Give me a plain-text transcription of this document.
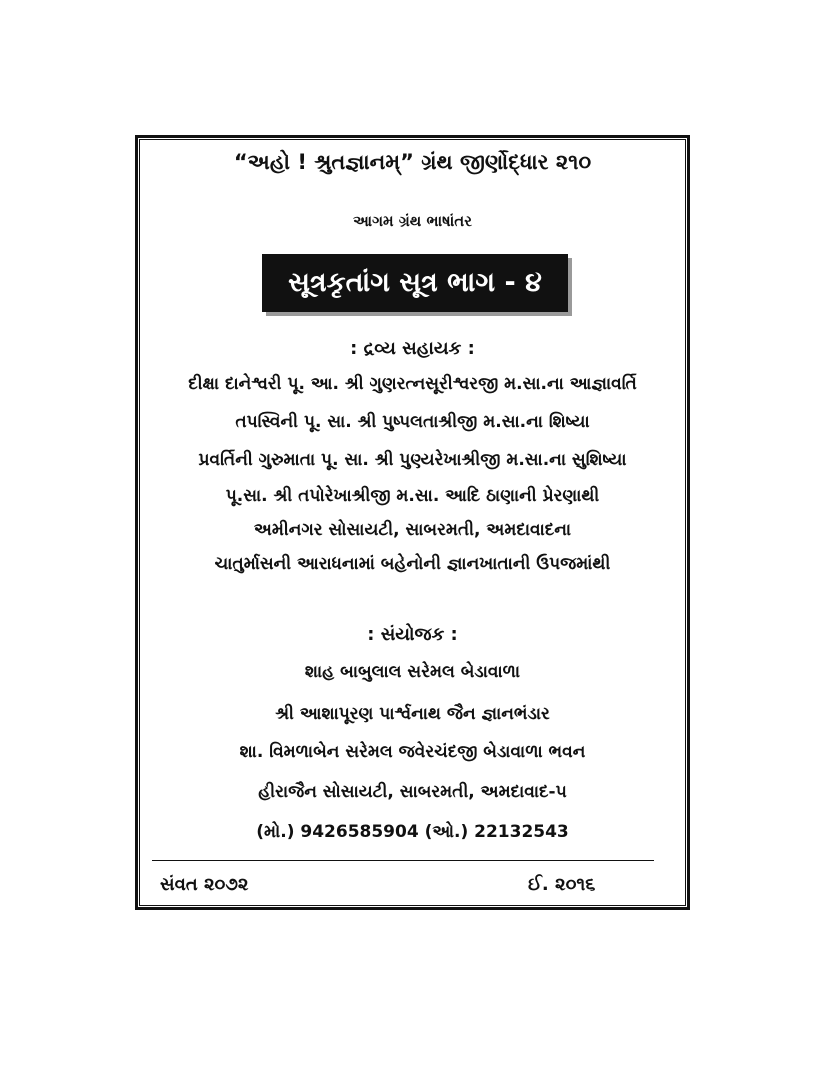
“અહો ! શ્રુતજ્ઞાનમ્” ગ્રંથ જીર્ણોદ્ધાર ૨૧૦
આગમ ગ્રંથ ભાષાંતર
સૂત્રકૃતાંગ સૂત્ર ભાગ - ૪
: દ્રવ્ય સહાયક :
દીક્ષા દાનેશ્વરી પૂ. આ. શ્રી ગુણરત્નસૂરીશ્વરજી મ.સા.ના આજ્ઞાવર્તિ
તપસ્વિની પૂ. સા. શ્રી પુષ્પલતાશ્રીજી મ.સા.ના શિષ્યા
પ્રવર્તિની ગુરુમાતા પૂ. સા. શ્રી પુણ્યરેખાશ્રીજી મ.સા.ના સુશિષ્યા
પૂ.સા. શ્રી તપોરેખાશ્રીજી મ.સા. આદિ ઠાણાની પ્રેરણાથી
અમીનગર સોસાયટી, સાબરમતી, અમદાવાદના
ચાતુર્માસની આરાધનામાં બહેનોની જ્ઞાનખાતાની ઉપજમાંથી
: સંયોજક :
શાહ બાબુલાલ સરેમલ બેડાવાળા
શ્રી આશાપૂરણ પાર્શ્વનાથ જૈન જ્ઞાનભંડાર
શા. વિમળાબેન સરેમલ જવેરચંદજી બેડાવાળા ભવન
હીરાજૈન સોસાયટી, સાબરમતી, અમદાવાદ-૫
(મો.) 9426585904 (ઓ.) 22132543
સંવત ૨૦૭૨	ઈ. ૨૦૧૬
